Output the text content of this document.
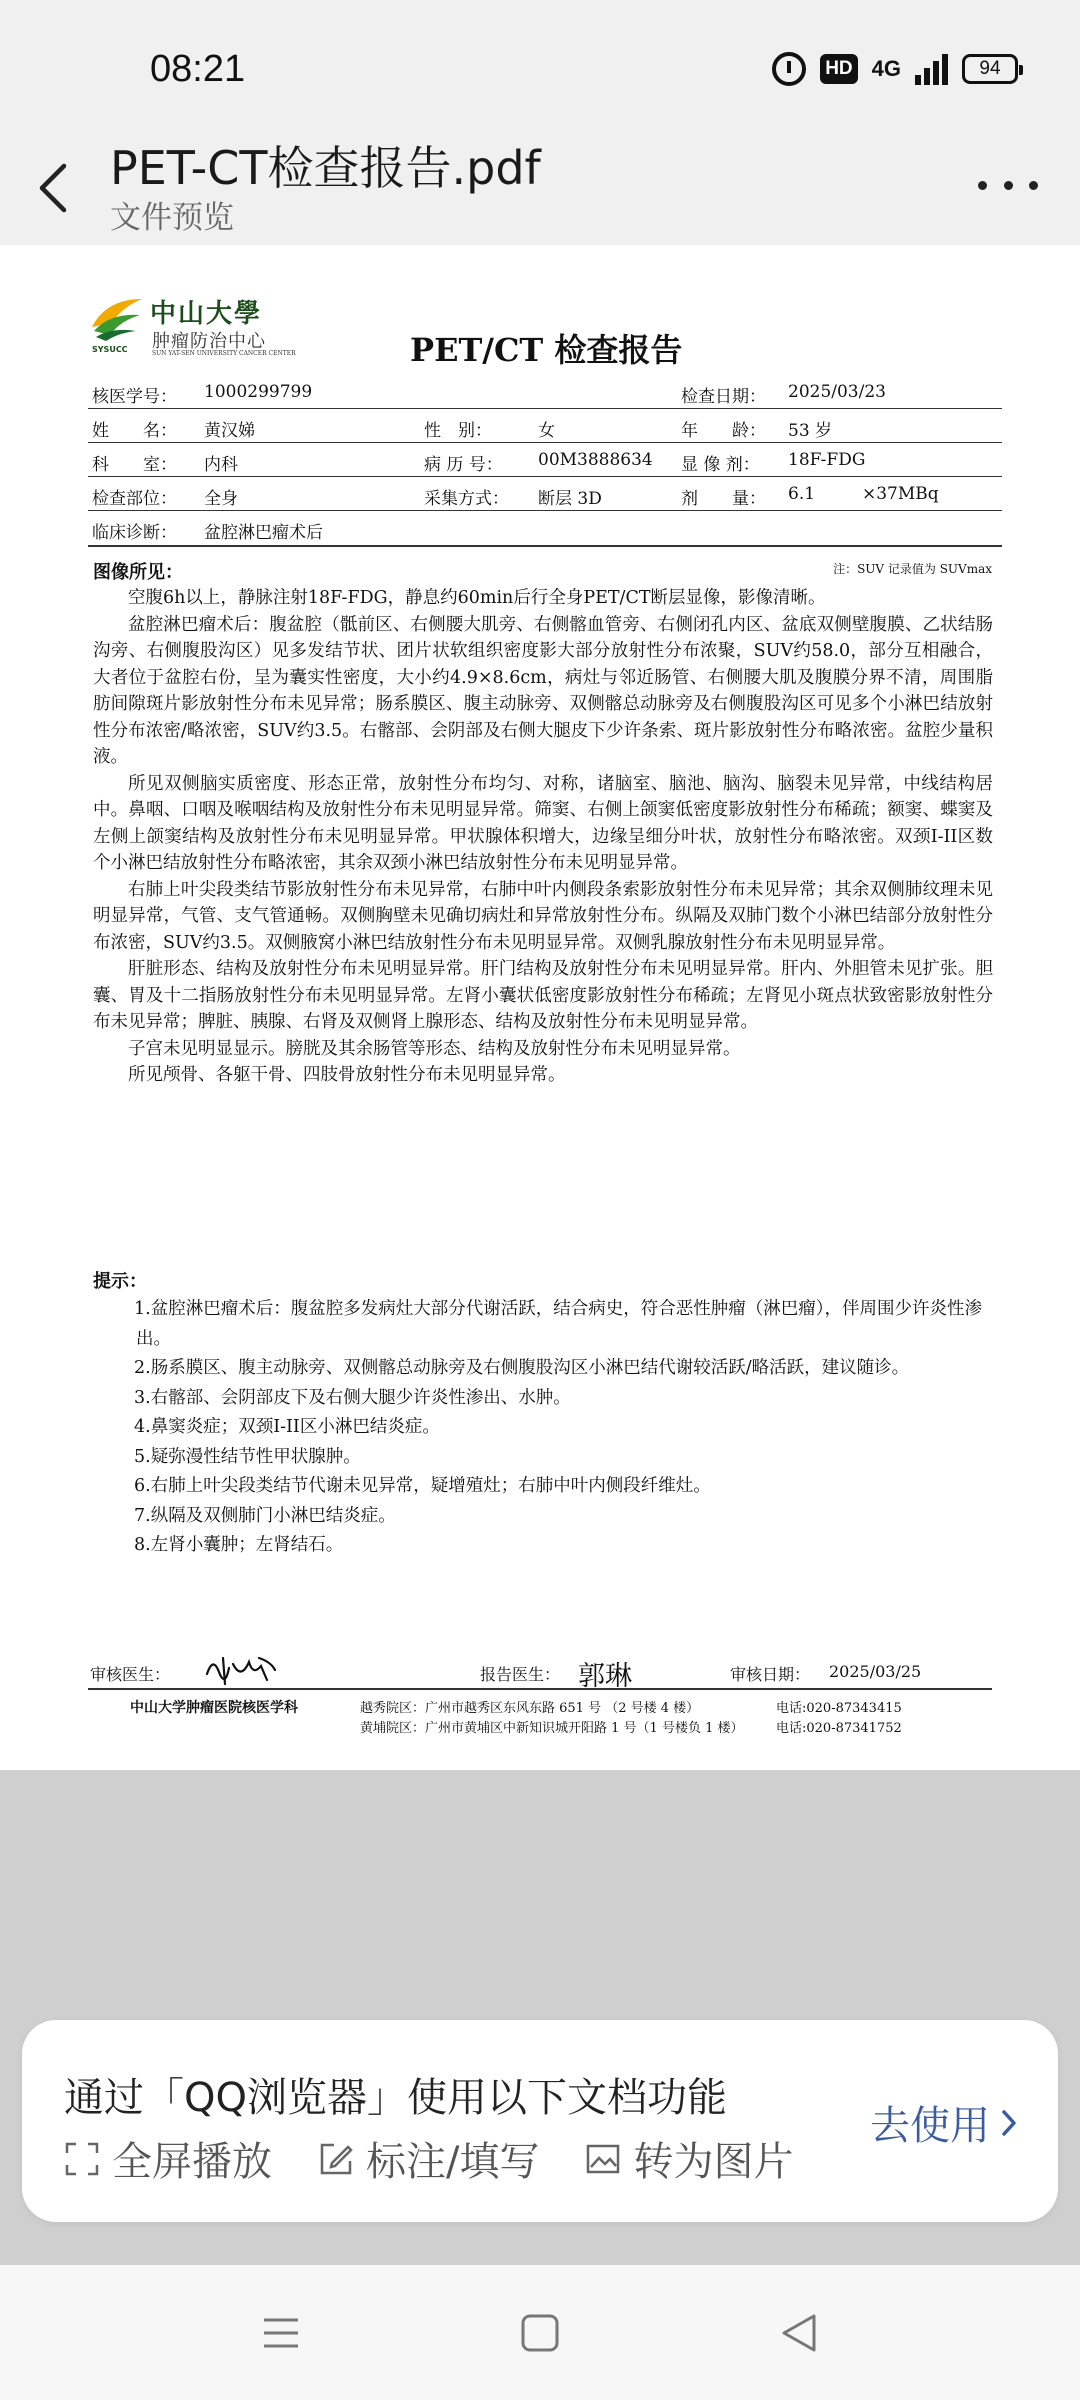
08:21	HD 4G	94
PET-CT检查报告.pdf
文件预览
中山大學
肿瘤防治中心
SUN YAT-SEN UNIVERSITY CANCER CENTER
SYSUCC	PET/CT 检查报告
核医学号： 1000299799	检查日期： 2025/03/23
姓　　名： 黄汉娣	性　别：	女	年　　龄： 53 岁
科　　室： 内科	病 历 号： 00M3888634 显 像 剂： 18F-FDG
检查部位： 全身	采集方式： 断层 3D	剂　　量： 6.1	×37MBq
临床诊断： 盆腔淋巴瘤术后
注：SUV 记录值为 SUVmax
图像所见：

空腹6h以上，静脉注射18F-FDG，静息约60min后行全身PET/CT断层显像，影像清晰。

盆腔淋巴瘤术后：腹盆腔（骶前区、右侧腰大肌旁、右侧髂血管旁、右侧闭孔内区、盆底双侧壁腹膜、乙状结肠沟旁、右侧腹股沟区）见多发结节状、团片状软组织密度影大部分放射性分布浓聚，SUV约58.0，部分互相融合，大者位于盆腔右份，呈为囊实性密度，大小约4.9×8.6cm，病灶与邻近肠管、右侧腰大肌及腹膜分界不清，周围脂肪间隙斑片影放射性分布未见异常；肠系膜区、腹主动脉旁、双侧髂总动脉旁及右侧腹股沟区可见多个小淋巴结放射性分布浓密/略浓密，SUV约3.5。右髂部、会阴部及右侧大腿皮下少许条索、斑片影放射性分布略浓密。盆腔少量积液。

所见双侧脑实质密度、形态正常，放射性分布均匀、对称，诸脑室、脑池、脑沟、脑裂未见异常，中线结构居中。鼻咽、口咽及喉咽结构及放射性分布未见明显异常。筛窦、右侧上颌窦低密度影放射性分布稀疏；额窦、蝶窦及左侧上颌窦结构及放射性分布未见明显异常。甲状腺体积增大，边缘呈细分叶状，放射性分布略浓密。双颈I-II区数个小淋巴结放射性分布略浓密，其余双颈小淋巴结放射性分布未见明显异常。

右肺上叶尖段类结节影放射性分布未见异常，右肺中叶内侧段条索影放射性分布未见异常；其余双侧肺纹理未见明显异常，气管、支气管通畅。双侧胸壁未见确切病灶和异常放射性分布。纵隔及双肺门数个小淋巴结部分放射性分布浓密，SUV约3.5。双侧腋窝小淋巴结放射性分布未见明显异常。双侧乳腺放射性分布未见明显异常。

肝脏形态、结构及放射性分布未见明显异常。肝门结构及放射性分布未见明显异常。肝内、外胆管未见扩张。胆囊、胃及十二指肠放射性分布未见明显异常。左肾小囊状低密度影放射性分布稀疏；左肾见小斑点状致密影放射性分布未见异常；脾脏、胰腺、右肾及双侧肾上腺形态、结构及放射性分布未见明显异常。

子宫未见明显显示。膀胱及其余肠管等形态、结构及放射性分布未见明显异常。

所见颅骨、各躯干骨、四肢骨放射性分布未见明显异常。

提示：

1.盆腔淋巴瘤术后：腹盆腔多发病灶大部分代谢活跃，结合病史，符合恶性肿瘤（淋巴瘤），伴周围少许炎性渗出。

2.肠系膜区、腹主动脉旁、双侧髂总动脉旁及右侧腹股沟区小淋巴结代谢较活跃/略活跃，建议随诊。

3.右髂部、会阴部皮下及右侧大腿少许炎性渗出、水肿。

4.鼻窦炎症；双颈I-II区小淋巴结炎症。

5.疑弥漫性结节性甲状腺肿。

6.右肺上叶尖段类结节代谢未见异常，疑增殖灶；右肺中叶内侧段纤维灶。

7.纵隔及双侧肺门小淋巴结炎症。

8.左肾小囊肿；左肾结石。

审核医生：	报告医生： 郭琳	审核日期： 2025/03/25
中山大学肿瘤医院核医学科	越秀院区：广州市越秀区东风东路 651 号 （2 号楼 4 楼）
黄埔院区：广州市黄埔区中新知识城开阳路 1 号（1 号楼负 1 楼）
电话:020-87343415
电话:020-87341752
通过「QQ浏览器」使用以下文档功能
全屏播放 标注/填写 转为图片
去使用
